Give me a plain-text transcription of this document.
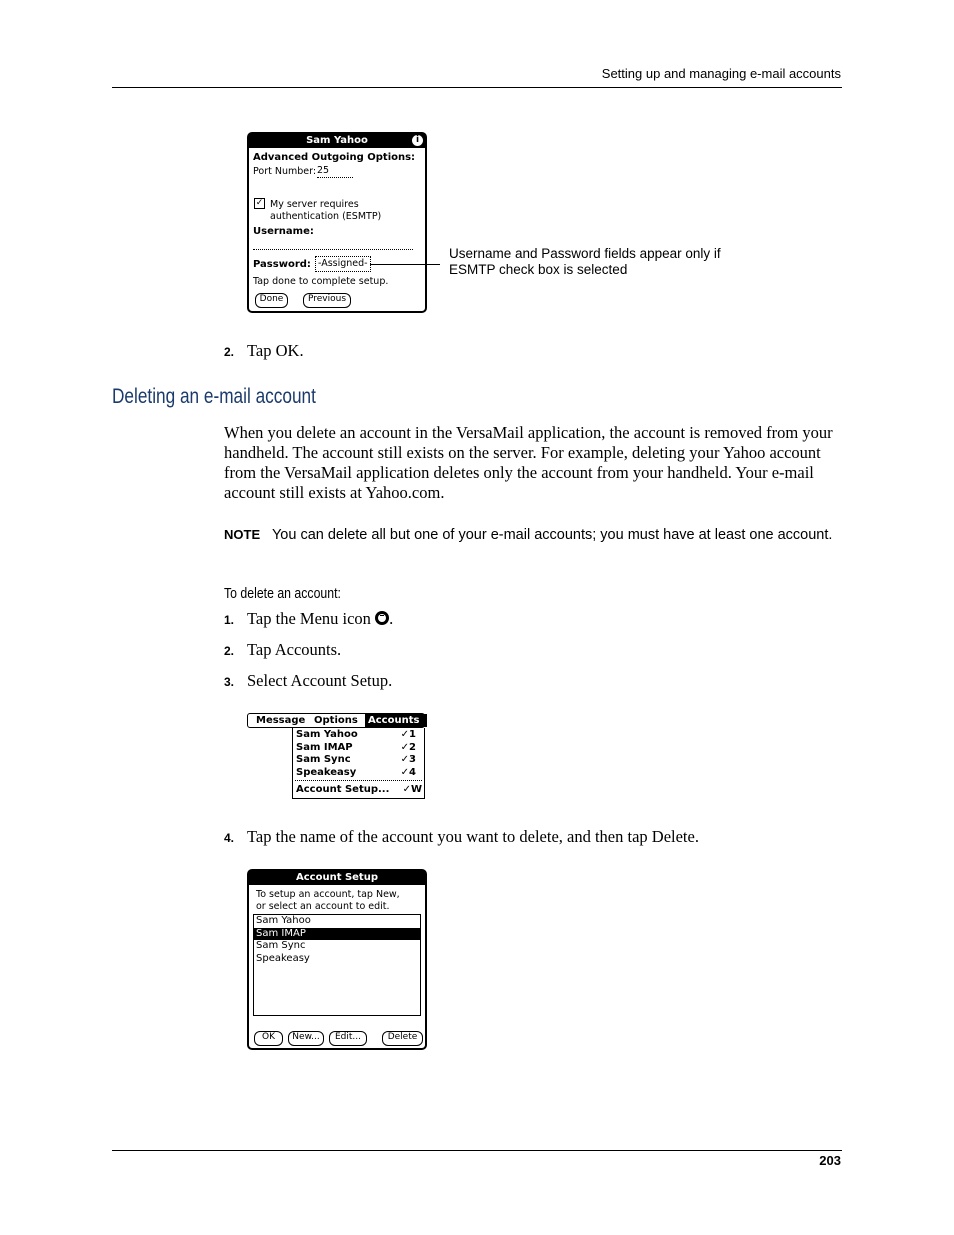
Setting up and managing e-mail accounts
Sam Yahoo	i
Advanced Outgoing Options:
Port Number: 25
✓ My server requires
authentication (ESMTP)
Username:
Password: -Assigned-
Tap done to complete setup.
Done	Previous
Username and Password fields appear only if
ESMTP check box is selected
2. Tap OK.
Deleting an e-mail account
When you delete an account in the VersaMail application, the account is removed from your handheld. The account still exists on the server. For example, deleting your Yahoo account from the VersaMail application deletes only the account from your handheld. Your e-mail account still exists at Yahoo.com.
NOTE You can delete all but one of your e-mail accounts; you must have at least one account.
To delete an account:
1. Tap the Menu icon .
2. Tap Accounts.
3. Select Account Setup.
Message Options	Accounts
Sam Yahoo	✓1
Sam IMAP	✓2
Sam Sync	✓3
Speakeasy	✓4
Account Setup... ✓W
4. Tap the name of the account you want to delete, and then tap Delete.
Account Setup
To setup an account, tap New,
or select an account to edit.
Sam Yahoo
Sam IMAP
Sam Sync
Speakeasy
OK	New...	Edit...	Delete
203
